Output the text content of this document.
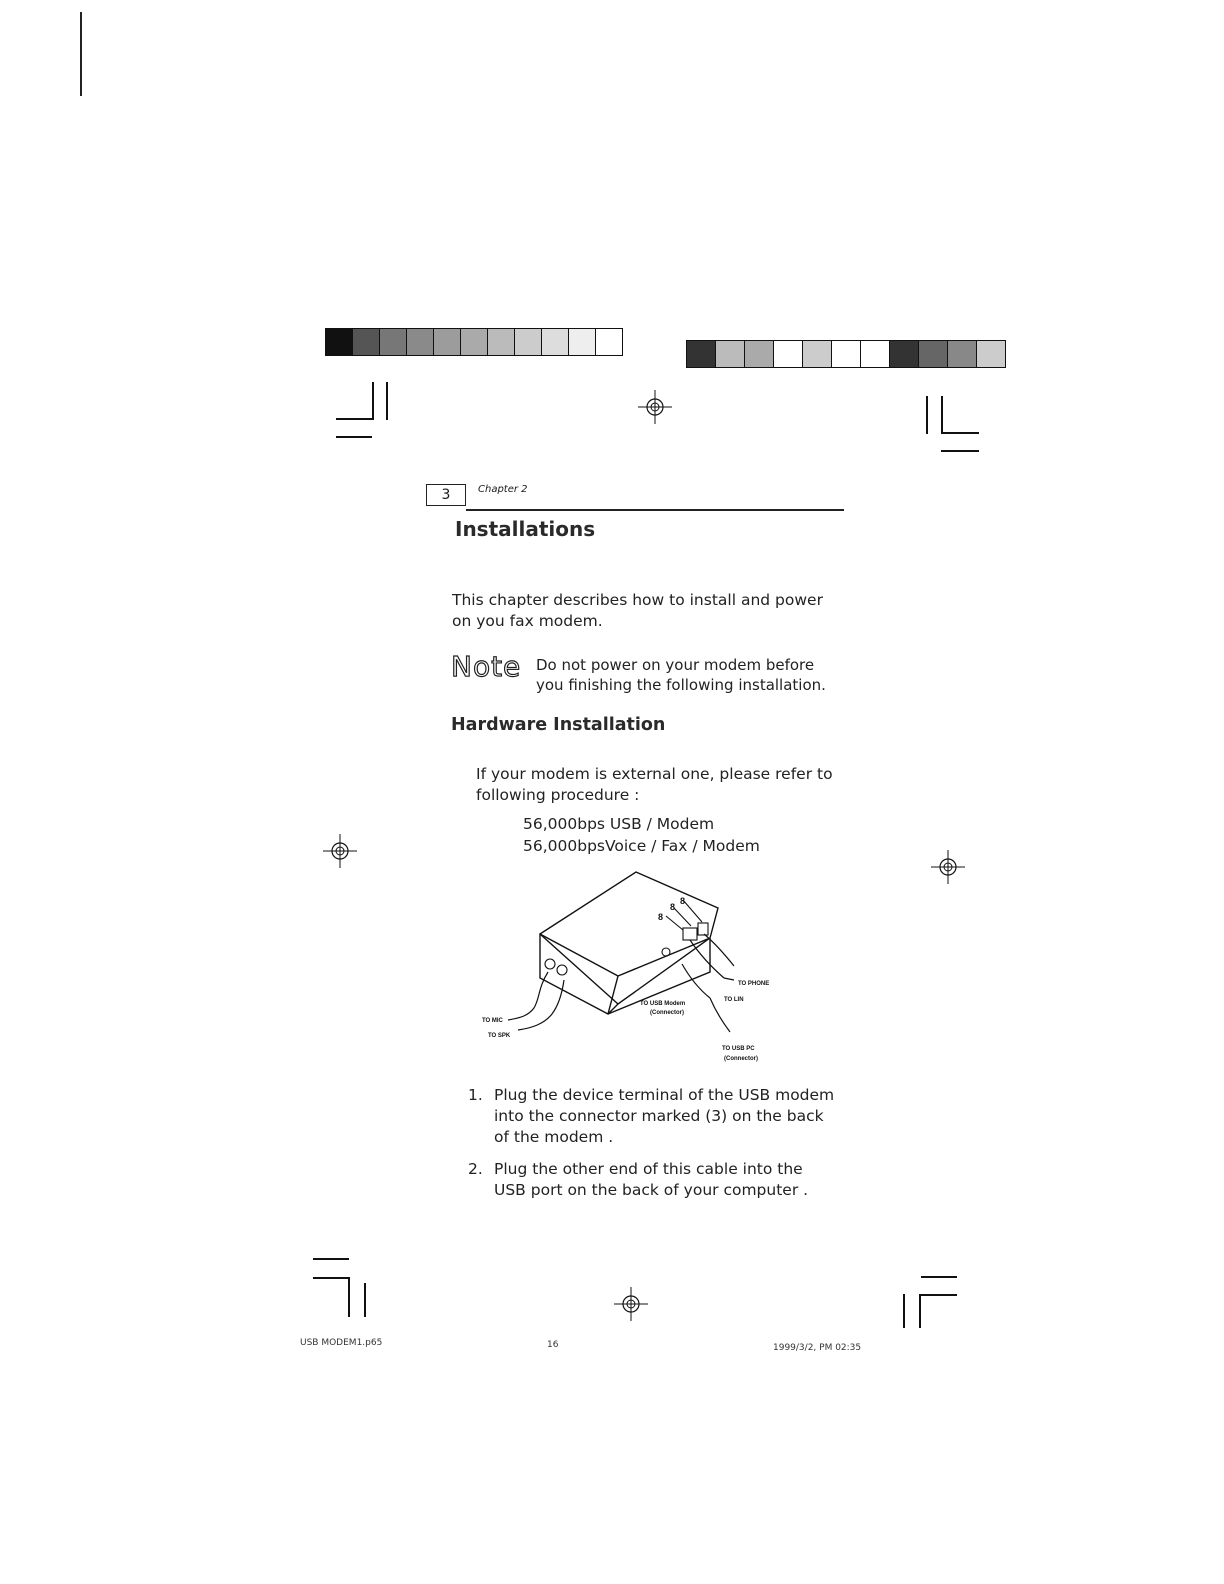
3	Chapter 2
Installations
This chapter describes how to install and power
on you fax modem.
Note Do not power on your modem before
you finishing the following installation.
Hardware Installation
If your modem is external one, please refer to
following procedure :
56,000bps USB / Modem
56,000bpsVoice / Fax / Modem
8
8
8
TO PHONE
TO LIN
TO USB Modem
(Connector)
TO USB PC
(Connector)
TO MIC
TO SPK
1. Plug the device terminal of the USB modem
into the connector marked (3) on the back
of the modem .
2. Plug the other end of this cable into the
USB port on the back of your computer .
USB MODEM1.p65	16	1999/3/2, PM 02:35
